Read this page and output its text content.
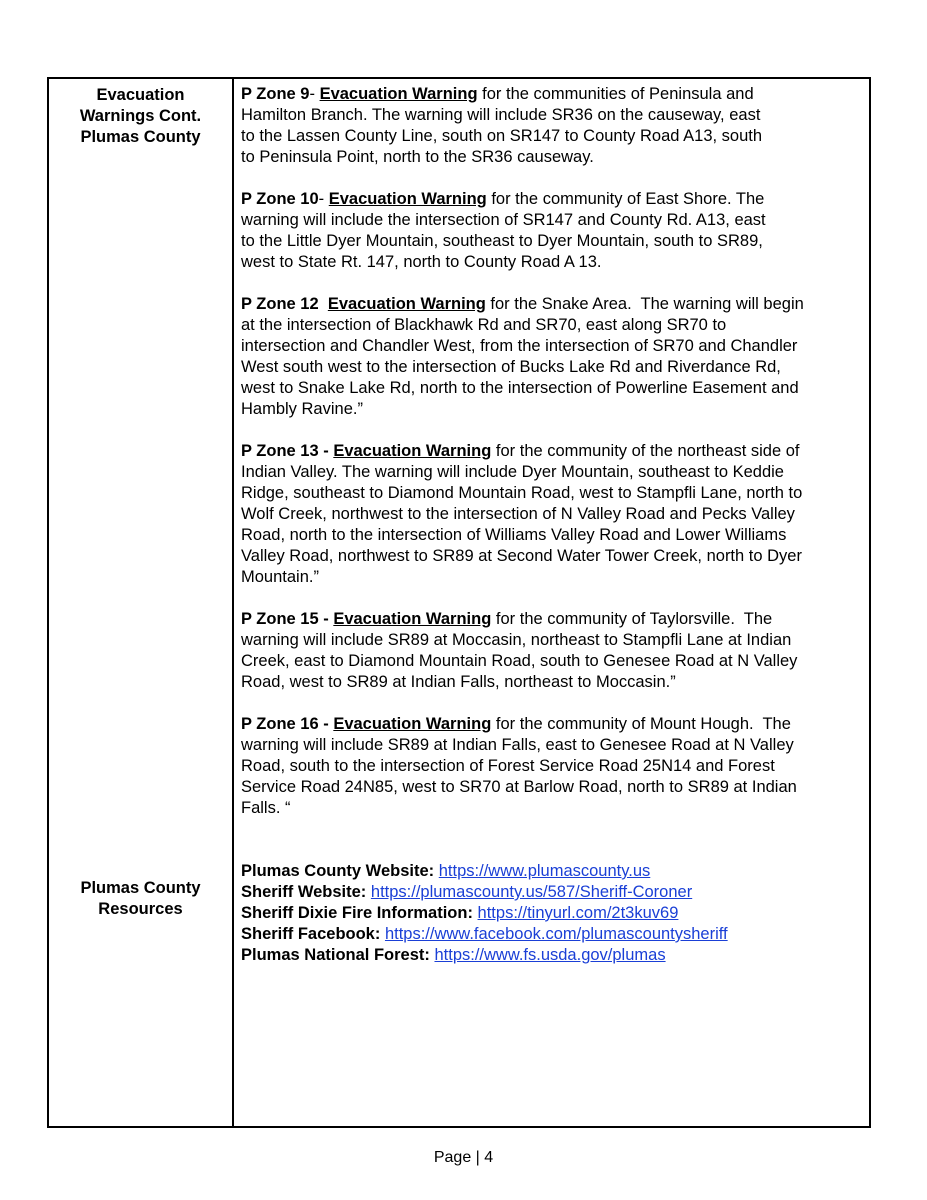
Evacuation
Warnings Cont.
Plumas County
Plumas County
Resources
P Zone 9- Evacuation Warning for the communities of Peninsula and
Hamilton Branch. The warning will include SR36 on the causeway, east
to the Lassen County Line, south on SR147 to County Road A13, south
to Peninsula Point, north to the SR36 causeway.
P Zone 10- Evacuation Warning for the community of East Shore. The
warning will include the intersection of SR147 and County Rd. A13, east
to the Little Dyer Mountain, southeast to Dyer Mountain, south to SR89,
west to State Rt. 147, north to County Road A 13.
P Zone 12 Evacuation Warning for the Snake Area.  The warning will begin
at the intersection of Blackhawk Rd and SR70, east along SR70 to
intersection and Chandler West, from the intersection of SR70 and Chandler
West south west to the intersection of Bucks Lake Rd and Riverdance Rd,
west to Snake Lake Rd, north to the intersection of Powerline Easement and
Hambly Ravine.”
P Zone 13 - Evacuation Warning for the community of the northeast side of
Indian Valley. The warning will include Dyer Mountain, southeast to Keddie
Ridge, southeast to Diamond Mountain Road, west to Stampfli Lane, north to
Wolf Creek, northwest to the intersection of N Valley Road and Pecks Valley
Road, north to the intersection of Williams Valley Road and Lower Williams
Valley Road, northwest to SR89 at Second Water Tower Creek, north to Dyer
Mountain.”
P Zone 15 - Evacuation Warning for the community of Taylorsville.  The
warning will include SR89 at Moccasin, northeast to Stampfli Lane at Indian
Creek, east to Diamond Mountain Road, south to Genesee Road at N Valley
Road, west to SR89 at Indian Falls, northeast to Moccasin.”
P Zone 16 - Evacuation Warning for the community of Mount Hough.  The
warning will include SR89 at Indian Falls, east to Genesee Road at N Valley
Road, south to the intersection of Forest Service Road 25N14 and Forest
Service Road 24N85, west to SR70 at Barlow Road, north to SR89 at Indian
Falls. “
Plumas County Website: https://www.plumascounty.us
Sheriff Website: https://plumascounty.us/587/Sheriff-Coroner
Sheriff Dixie Fire Information: https://tinyurl.com/2t3kuv69
Sheriff Facebook: https://www.facebook.com/plumascountysheriff
Plumas National Forest: https://www.fs.usda.gov/plumas
Page | 4
